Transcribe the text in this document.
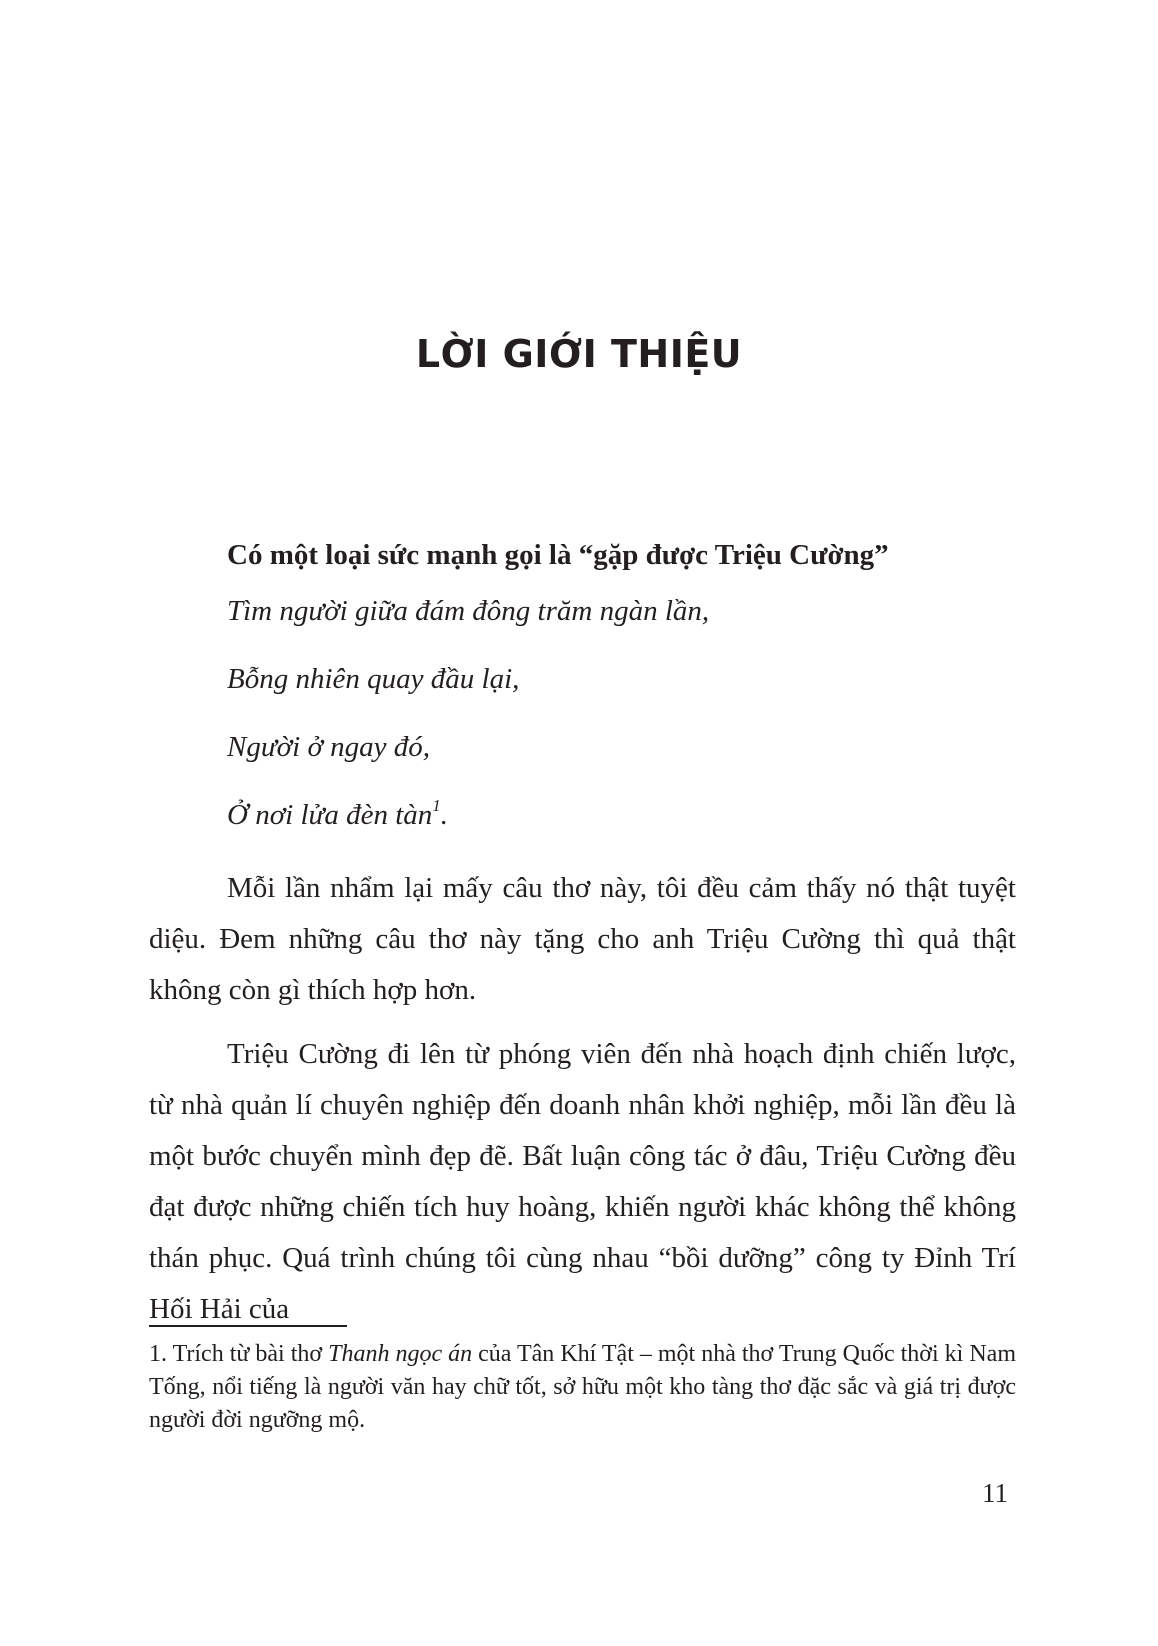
LỜI GIỚI THIỆU

Có một loại sức mạnh gọi là “gặp được Triệu Cường”

Tìm người giữa đám đông trăm ngàn lần,
Bỗng nhiên quay đầu lại,
Người ở ngay đó,
Ở nơi lửa đèn tàn$^1$.

Mỗi lần nhẩm lại mấy câu thơ này, tôi đều cảm thấy nó thật tuyệt diệu. Đem những câu thơ này tặng cho anh Triệu Cường thì quả thật không còn gì thích hợp hơn.

Triệu Cường đi lên từ phóng viên đến nhà hoạch định chiến lược, từ nhà quản lí chuyên nghiệp đến doanh nhân khởi nghiệp, mỗi lần đều là một bước chuyển mình đẹp đẽ. Bất luận công tác ở đâu, Triệu Cường đều đạt được những chiến tích huy hoàng, khiến người khác không thể không thán phục. Quá trình chúng tôi cùng nhau “bồi dưỡng” công ty Đỉnh Trí Hối Hải của

1. Trích từ bài thơ Thanh ngọc án của Tân Khí Tật – một nhà thơ Trung Quốc thời kì Nam Tống, nổi tiếng là người văn hay chữ tốt, sở hữu một kho tàng thơ đặc sắc và giá trị được người đời ngưỡng mộ.

11
